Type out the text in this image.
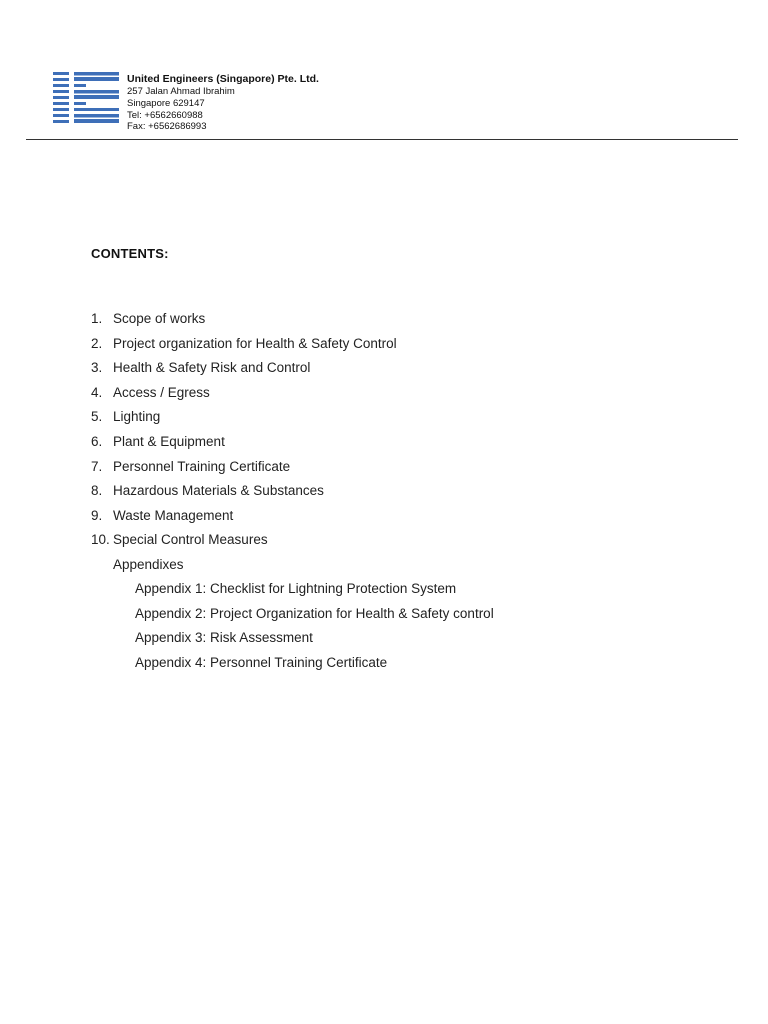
United Engineers (Singapore) Pte. Ltd.
257 Jalan Ahmad Ibrahim
Singapore 629147
Tel: +6562660988
Fax: +6562686993
CONTENTS:
1. Scope of works
2. Project organization for Health & Safety Control
3. Health & Safety Risk and Control
4. Access / Egress
5. Lighting
6. Plant & Equipment
7. Personnel Training Certificate
8. Hazardous Materials & Substances
9. Waste Management
10. Special Control Measures
Appendixes
Appendix 1: Checklist for Lightning Protection System
Appendix 2: Project Organization for Health & Safety control
Appendix 3: Risk Assessment
Appendix 4: Personnel Training Certificate
